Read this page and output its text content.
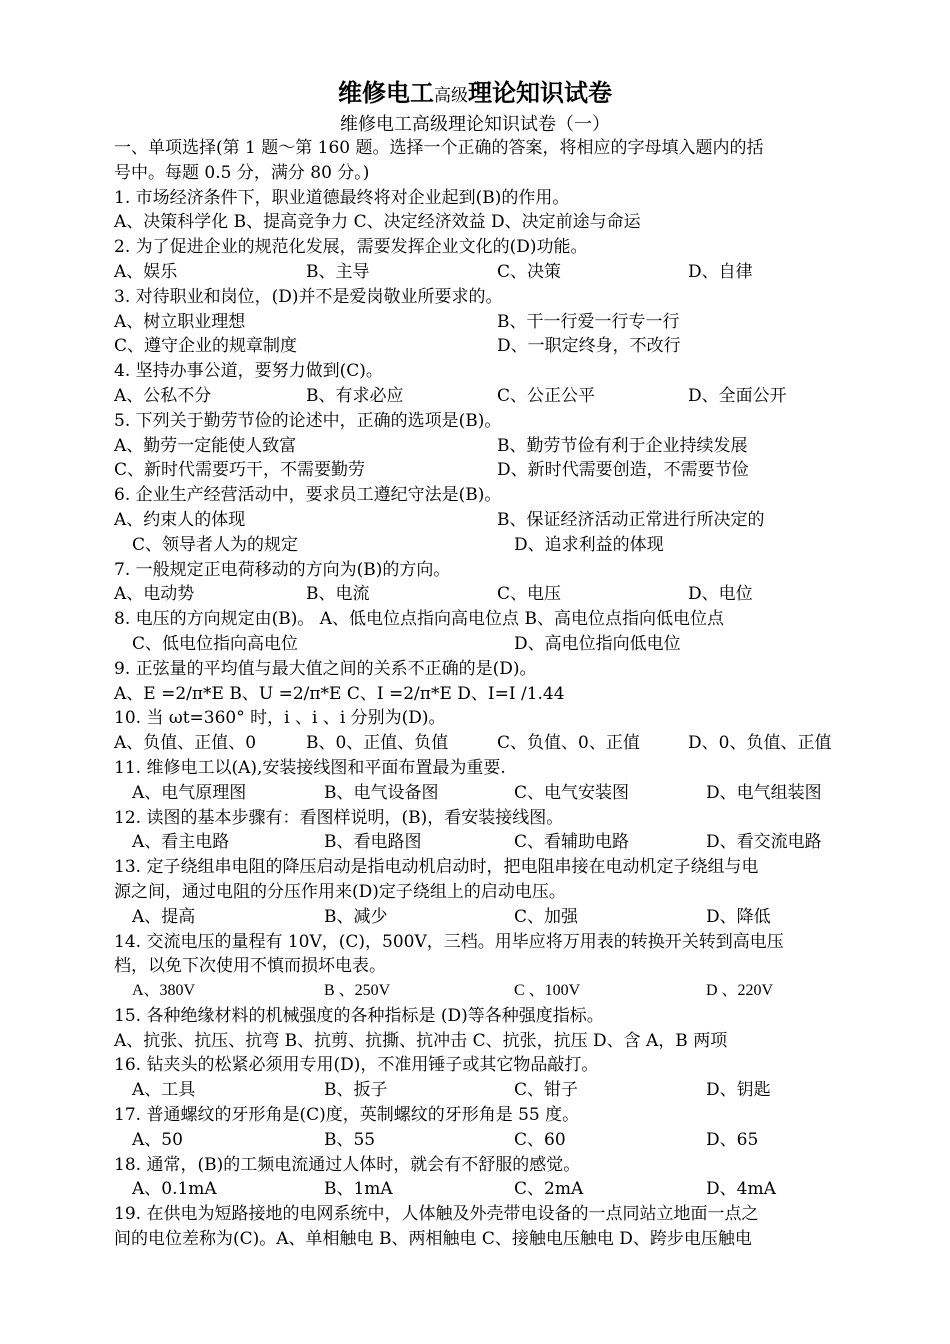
维修电工高级理论知识试卷
维修电工高级理论知识试卷（一）
一、单项选择(第 1 题～第 160 题。选择一个正确的答案，将相应的字母填入题内的括
号中。每题 0.5 分，满分 80 分。)
1. 市场经济条件下，职业道德最终将对企业起到(B)的作用。
A、决策科学化 B、提高竞争力 C、决定经济效益 D、决定前途与命运
2. 为了促进企业的规范化发展，需要发挥企业文化的(D)功能。
A、娱乐	B、主导	C、决策	D、自律
3. 对待职业和岗位，(D)并不是爱岗敬业所要求的。
A、树立职业理想	B、干一行爱一行专一行
C、遵守企业的规章制度	D、一职定终身，不改行
4. 坚持办事公道，要努力做到(C)。
A、公私不分	B、有求必应	C、公正公平	D、全面公开
5. 下列关于勤劳节俭的论述中，正确的选项是(B)。
A、勤劳一定能使人致富	B、勤劳节俭有利于企业持续发展
C、新时代需要巧干，不需要勤劳	D、新时代需要创造，不需要节俭
6. 企业生产经营活动中，要求员工遵纪守法是(B)。
A、约束人的体现	B、保证经济活动正常进行所决定的
C、领导者人为的规定	D、追求利益的体现
7. 一般规定正电荷移动的方向为(B)的方向。
A、电动势	B、电流	C、电压	D、电位
8. 电压的方向规定由(B)。 A、低电位点指向高电位点 B、高电位点指向低电位点
C、低电位指向高电位	D、高电位指向低电位
9. 正弦量的平均值与最大值之间的关系不正确的是(D)。
A、E =2/π*E B、U =2/π*E C、I =2/π*E D、I=I /1.44
10. 当 ωt=360° 时，i 、i 、i 分别为(D)。
A、负值、正值、0	B、0、正值、负值	C、负值、0、正值	D、0、负值、正值
11. 维修电工以(A),安装接线图和平面布置最为重要.
A、电气原理图	B、电气设备图	C、电气安装图	D、电气组装图
12. 读图的基本步骤有：看图样说明，(B)，看安装接线图。
A、看主电路	B、看电路图	C、看辅助电路	D、看交流电路
13. 定子绕组串电阻的降压启动是指电动机启动时，把电阻串接在电动机定子绕组与电
源之间，通过电阻的分压作用来(D)定子绕组上的启动电压。
A、提高	B、减少	C、加强	D、降低
14. 交流电压的量程有 10V，(C)，500V，三档。用毕应将万用表的转换开关转到高电压
档，以免下次使用不慎而损坏电表。
A、380V	B 、250V	C 、100V	D 、220V
15. 各种绝缘材料的机械强度的各种指标是 (D)等各种强度指标。
A、抗张、抗压、抗弯 B、抗剪、抗撕、抗冲击 C、抗张，抗压 D、含 A，B 两项
16. 钻夹头的松紧必须用专用(D)，不准用锤子或其它物品敲打。
A、工具	B、扳子	C、钳子	D、钥匙
17. 普通螺纹的牙形角是(C)度，英制螺纹的牙形角是 55 度。
A、50	B、55	C、60	D、65
18. 通常，(B)的工频电流通过人体时，就会有不舒服的感觉。
A、0.1mA	B、1mA	C、2mA	D、4mA
19. 在供电为短路接地的电网系统中，人体触及外壳带电设备的一点同站立地面一点之
间的电位差称为(C)。A、单相触电 B、两相触电 C、接触电压触电 D、跨步电压触电
